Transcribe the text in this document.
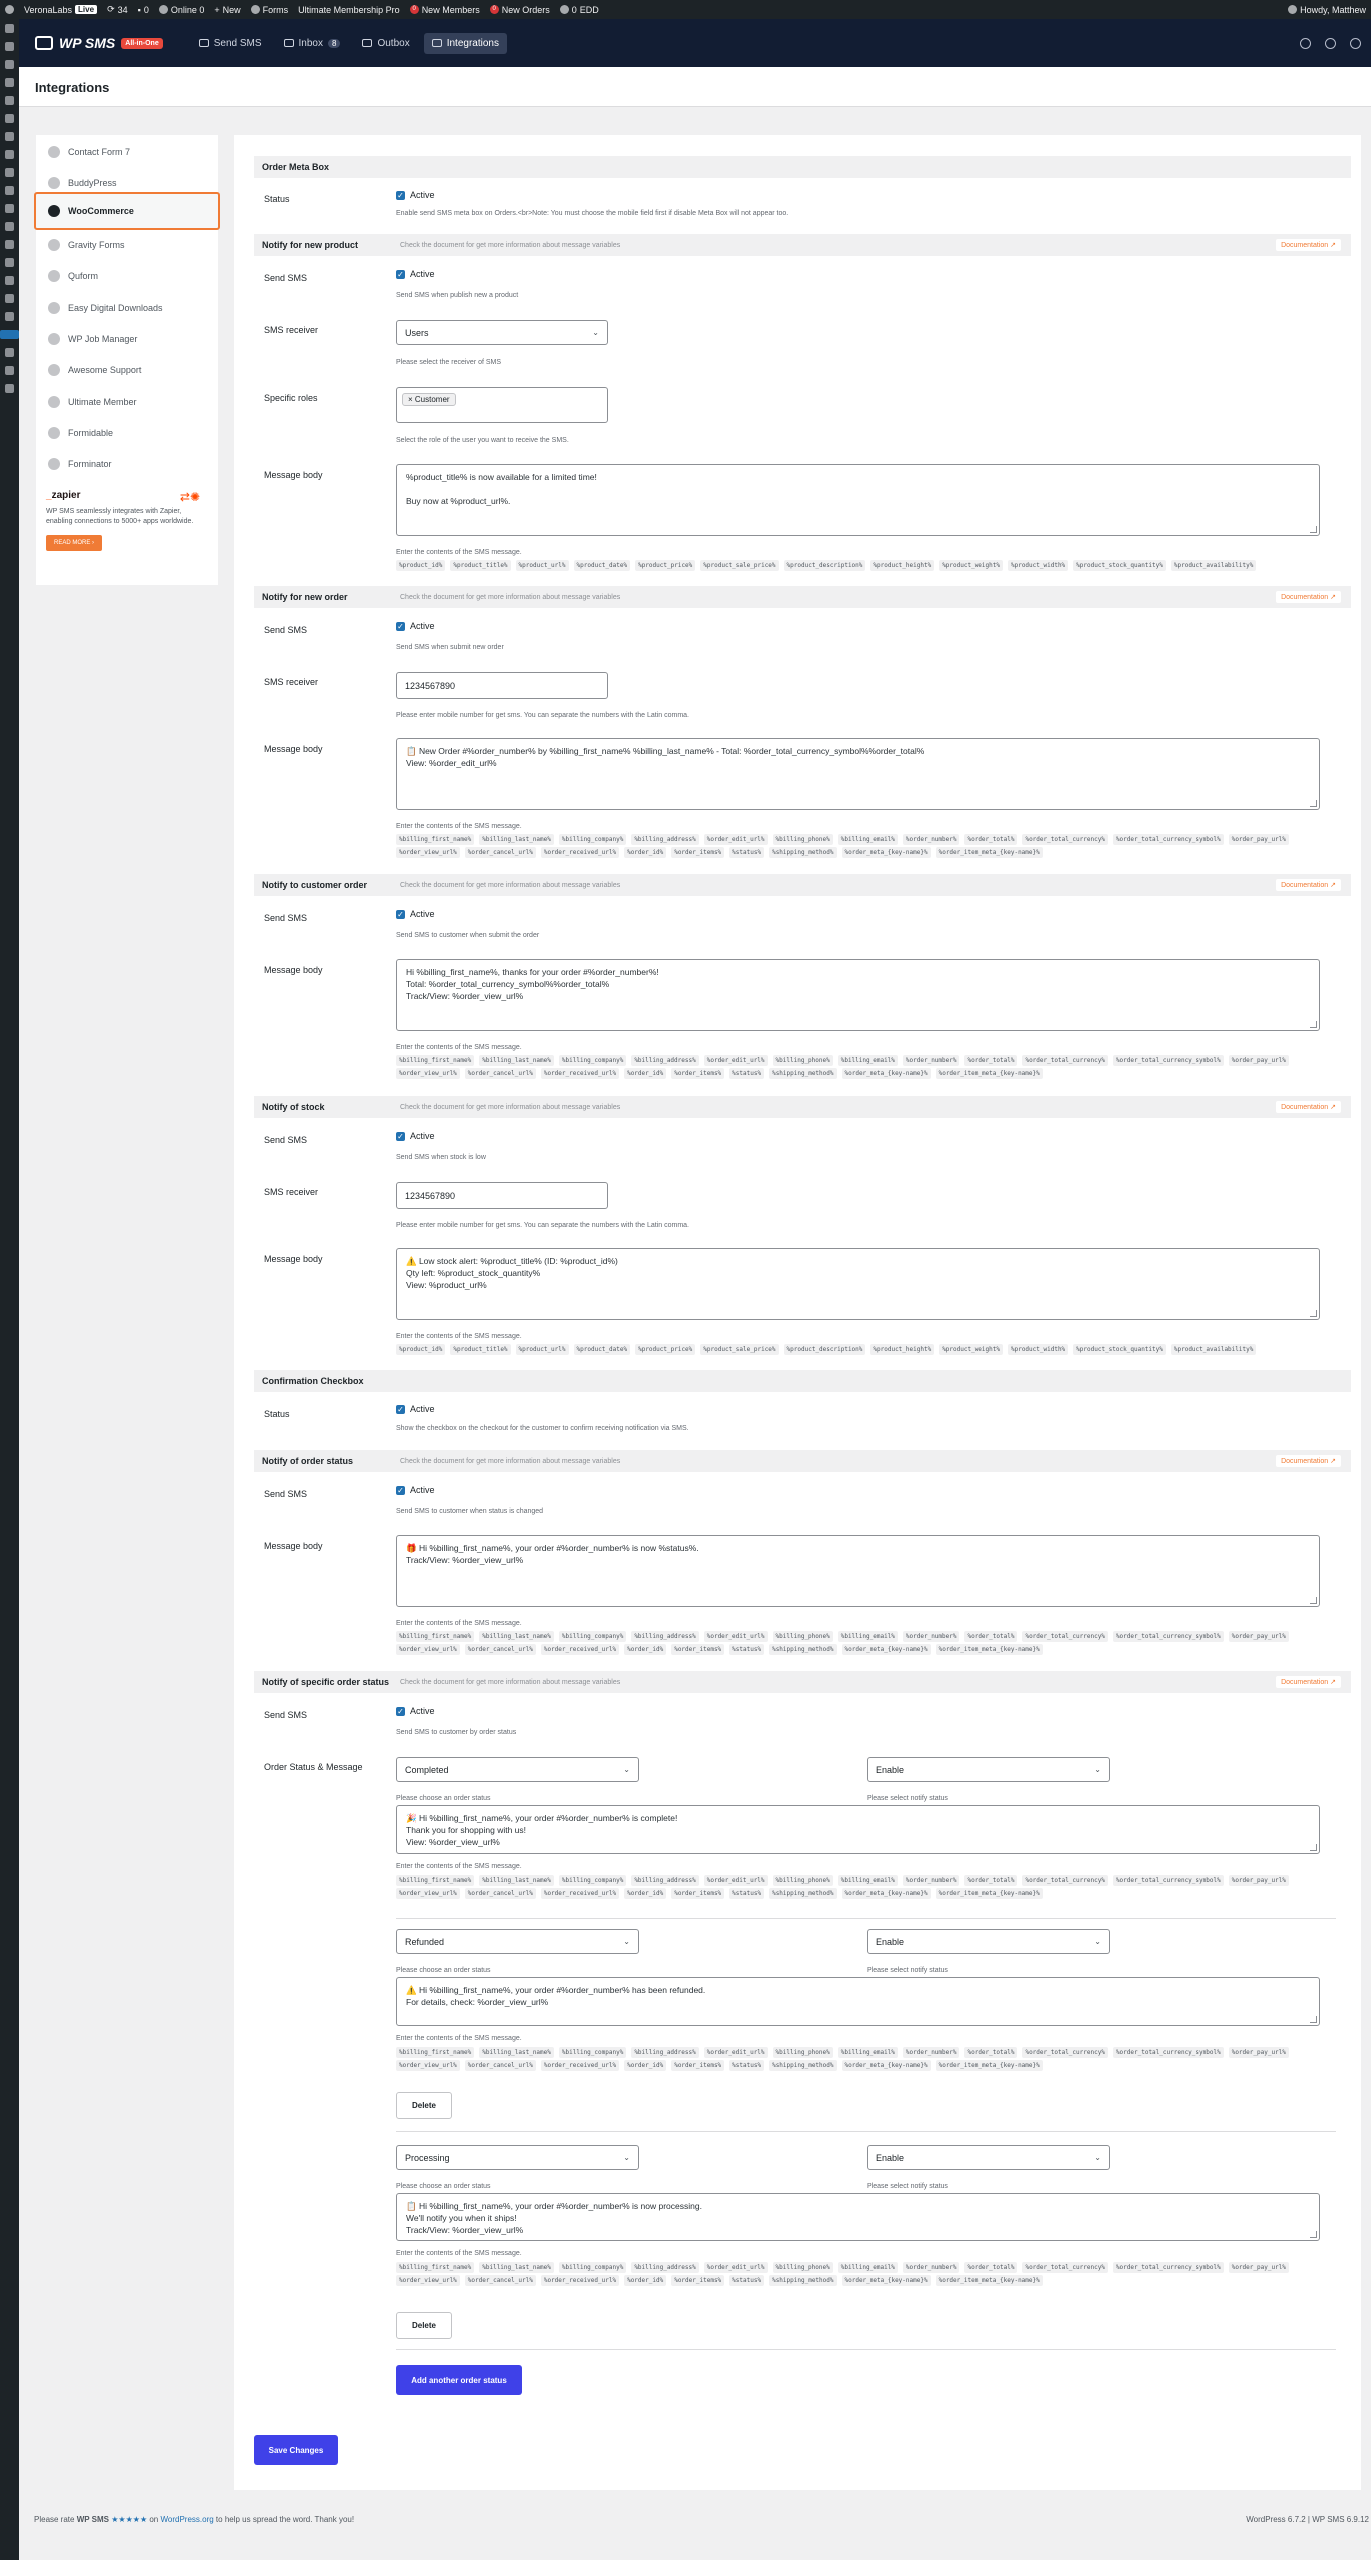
VeronaLabs Live	⟳ 34	▪ 0 Online 0	+ New Forms Ultimate Membership Pro	0 New Members	0 New Orders 0 EDD	Howdy, Matthew
WP SMS	All-in-One	Send SMS	Inbox	8	Outbox	Integrations
Integrations
Contact Form 7
BuddyPress
WooCommerce
Gravity Forms
Quform
Easy Digital Downloads
WP Job Manager
Awesome Support
Ultimate Member
Formidable
Forminator
_zapier	⇄✺
WP SMS seamlessly integrates with Zapier, enabling connections to 5000+ apps worldwide.
READ MORE ›
Order Meta Box
Status	✓ Active
Enable send SMS meta box on Orders.<br>Note: You must choose the mobile field first if disable Meta Box will not appear too.
Notify for new product	Check the document for get more information about message variables	Documentation ↗
Send SMS	✓ Active
Send SMS when publish new a product
SMS receiver	Users	⌄
Please select the receiver of SMS
Specific roles	× Customer
Select the role of the user you want to receive the SMS.
Message body	%product_title% is now available for a limited time!

Buy now at %product_url%.
Enter the contents of the SMS message.
%product_id%	%product_title%	%product_url%	%product_date%	%product_price%	%product_sale_price%	%product_description%	%product_height%	%product_weight%	%product_width%	%product_stock_quantity%	%product_availability%
Notify for new order	Check the document for get more information about message variables	Documentation ↗
Send SMS	✓ Active
Send SMS when submit new order
SMS receiver	1234567890
Please enter mobile number for get sms. You can separate the numbers with the Latin comma.
Message body	📋 New Order #%order_number% by %billing_first_name% %billing_last_name% - Total: %order_total_currency_symbol%%order_total%
View: %order_edit_url%
Enter the contents of the SMS message.
%billing_first_name%	%billing_last_name%	%billing_company%	%billing_address%	%order_edit_url%	%billing_phone%	%billing_email%	%order_number%	%order_total%	%order_total_currency%	%order_total_currency_symbol%	%order_pay_url%
%order_view_url%	%order_cancel_url%	%order_received_url%	%order_id%	%order_items%	%status%	%shipping_method%	%order_meta_{key-name}%	%order_item_meta_{key-name}%
Notify to customer order	Check the document for get more information about message variables	Documentation ↗
Send SMS	✓ Active
Send SMS to customer when submit the order
Message body	Hi %billing_first_name%, thanks for your order #%order_number%!
Total: %order_total_currency_symbol%%order_total%
Track/View: %order_view_url%
Enter the contents of the SMS message.
%billing_first_name%	%billing_last_name%	%billing_company%	%billing_address%	%order_edit_url%	%billing_phone%	%billing_email%	%order_number%	%order_total%	%order_total_currency%	%order_total_currency_symbol%	%order_pay_url%
%order_view_url%	%order_cancel_url%	%order_received_url%	%order_id%	%order_items%	%status%	%shipping_method%	%order_meta_{key-name}%	%order_item_meta_{key-name}%
Notify of stock	Check the document for get more information about message variables	Documentation ↗
Send SMS	✓ Active
Send SMS when stock is low
SMS receiver	1234567890
Please enter mobile number for get sms. You can separate the numbers with the Latin comma.
Message body	⚠️ Low stock alert: %product_title% (ID: %product_id%)
Qty left: %product_stock_quantity%
View: %product_url%
Enter the contents of the SMS message.
%product_id%	%product_title%	%product_url%	%product_date%	%product_price%	%product_sale_price%	%product_description%	%product_height%	%product_weight%	%product_width%	%product_stock_quantity%	%product_availability%
Confirmation Checkbox
Status	✓ Active
Show the checkbox on the checkout for the customer to confirm receiving notification via SMS.
Notify of order status	Check the document for get more information about message variables	Documentation ↗
Send SMS	✓ Active
Send SMS to customer when status is changed
Message body	🎁 Hi %billing_first_name%, your order #%order_number% is now %status%.
Track/View: %order_view_url%
Enter the contents of the SMS message.
%billing_first_name%	%billing_last_name%	%billing_company%	%billing_address%	%order_edit_url%	%billing_phone%	%billing_email%	%order_number%	%order_total%	%order_total_currency%	%order_total_currency_symbol%	%order_pay_url%
%order_view_url%	%order_cancel_url%	%order_received_url%	%order_id%	%order_items%	%status%	%shipping_method%	%order_meta_{key-name}%	%order_item_meta_{key-name}%
Notify of specific order status	Check the document for get more information about message variables	Documentation ↗
Send SMS	✓ Active
Send SMS to customer by order status
Order Status & Message	Completed	⌄	Enable	⌄
Please choose an order status	Please select notify status
🎉 Hi %billing_first_name%, your order #%order_number% is complete!
Thank you for shopping with us!
View: %order_view_url%
Enter the contents of the SMS message.
%billing_first_name%	%billing_last_name%	%billing_company%	%billing_address%	%order_edit_url%	%billing_phone%	%billing_email%	%order_number%	%order_total%	%order_total_currency%	%order_total_currency_symbol%	%order_pay_url%
%order_view_url%	%order_cancel_url%	%order_received_url%	%order_id%	%order_items%	%status%	%shipping_method%	%order_meta_{key-name}%	%order_item_meta_{key-name}%
Refunded	⌄	Enable	⌄
Please choose an order status	Please select notify status
⚠️ Hi %billing_first_name%, your order #%order_number% has been refunded.
For details, check: %order_view_url%
Enter the contents of the SMS message.
%billing_first_name%	%billing_last_name%	%billing_company%	%billing_address%	%order_edit_url%	%billing_phone%	%billing_email%	%order_number%	%order_total%	%order_total_currency%	%order_total_currency_symbol%	%order_pay_url%
%order_view_url%	%order_cancel_url%	%order_received_url%	%order_id%	%order_items%	%status%	%shipping_method%	%order_meta_{key-name}%	%order_item_meta_{key-name}%
Delete
Processing	⌄	Enable	⌄
Please choose an order status	Please select notify status
📋 Hi %billing_first_name%, your order #%order_number% is now processing.
We'll notify you when it ships!
Track/View: %order_view_url%
Enter the contents of the SMS message.
%billing_first_name%	%billing_last_name%	%billing_company%	%billing_address%	%order_edit_url%	%billing_phone%	%billing_email%	%order_number%	%order_total%	%order_total_currency%	%order_total_currency_symbol%	%order_pay_url%
%order_view_url%	%order_cancel_url%	%order_received_url%	%order_id%	%order_items%	%status%	%shipping_method%	%order_meta_{key-name}%	%order_item_meta_{key-name}%
Delete
Add another order status
Save Changes
Please rate WP SMS ★★★★★ on WordPress.org to help us spread the word. Thank you!	WordPress 6.7.2 | WP SMS 6.9.12
